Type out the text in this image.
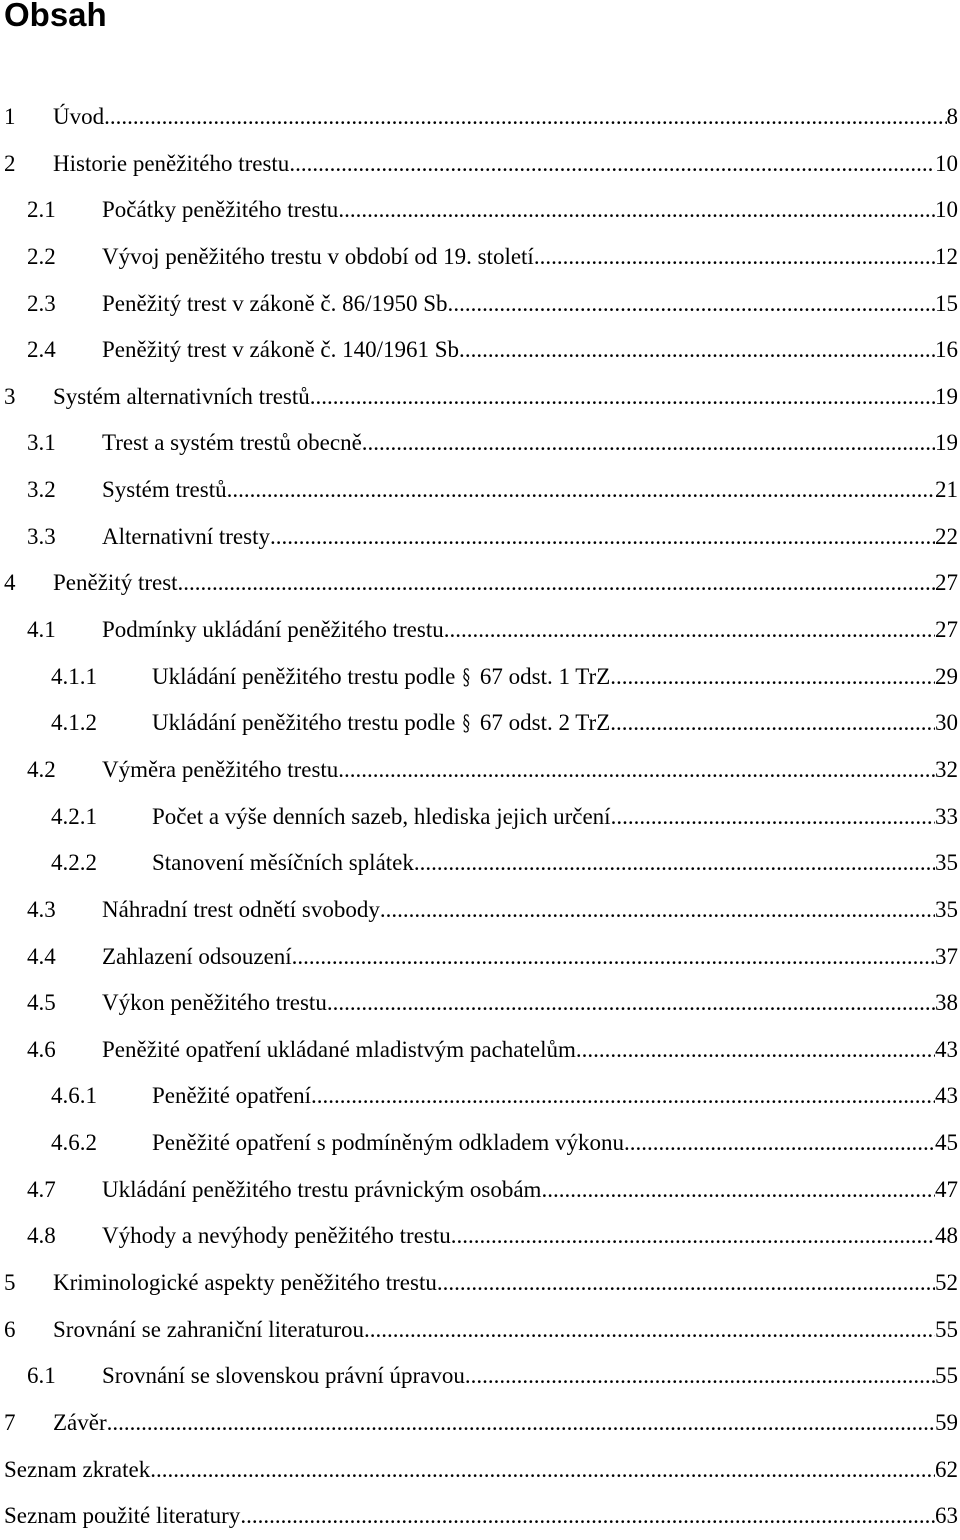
Obsah
1 Úvod .....	8
2 Historie peněžitého trestu .....	10
2.1 Počátky peněžitého trestu .....	10
2.2 Vývoj peněžitého trestu v období od 19. století .....	12
2.3 Peněžitý trest v zákoně č. 86/1950 Sb. .....	15
2.4 Peněžitý trest v zákoně č. 140/1961 Sb. .....	16
3 Systém alternativních trestů .....	19
3.1 Trest a systém trestů obecně .....	19
3.2 Systém trestů .....	21
3.3 Alternativní tresty .....	22
4 Peněžitý trest .....	27
4.1 Podmínky ukládání peněžitého trestu .....	27
4.1.1 Ukládání peněžitého trestu podle § 67 odst. 1 TrZ .....	29
4.1.2 Ukládání peněžitého trestu podle § 67 odst. 2 TrZ .....	30
4.2 Výměra peněžitého trestu .....	32
4.2.1 Počet a výše denních sazeb, hlediska jejich určení .....	33
4.2.2 Stanovení měsíčních splátek .....	35
4.3 Náhradní trest odnětí svobody .....	35
4.4 Zahlazení odsouzení .....	37
4.5 Výkon peněžitého trestu .....	38
4.6 Peněžité opatření ukládané mladistvým pachatelům .....	43
4.6.1 Peněžité opatření .....	43
4.6.2 Peněžité opatření s podmíněným odkladem výkonu .....	45
4.7 Ukládání peněžitého trestu právnickým osobám .....	47
4.8 Výhody a nevýhody peněžitého trestu .....	48
5 Kriminologické aspekty peněžitého trestu .....	52
6 Srovnání se zahraniční literaturou .....	55
6.1 Srovnání se slovenskou právní úpravou .....	55
7 Závěr .....	59
Seznam zkratek .....	62
Seznam použité literatury .....	63
